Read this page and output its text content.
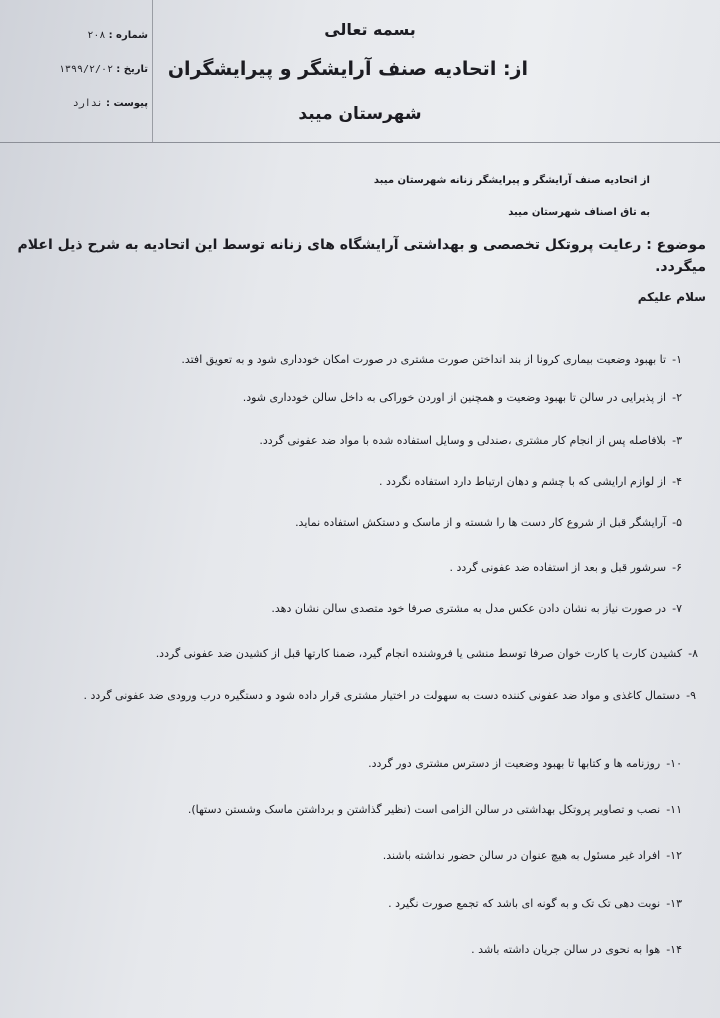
شماره : ۲۰۸
تاریخ : ۱۳۹۹/۲/۰۲
پیوست : ندارد
بسمه تعالی
از: اتحادیه صنف آرایشگر و پیرایشگران
شهرستان میبد
از اتحادیه صنف آرایشگر و پیرایشگر زنانه شهرستان میبد
به تاق اصناف شهرستان میبد
موضوع : رعایت پروتکل تخصصی و بهداشتی آرایشگاه های زنانه توسط این اتحادیه به شرح ذیل اعلام میگردد.
سلام علیکم
۱-تا بهبود وضعیت بیماری کرونا از بند انداختن صورت مشتری در صورت امکان خودداری شود و به تعویق افتد.
۲-از پذیرایی در سالن تا بهبود وضعیت و همچنین از اوردن خوراکی به داخل سالن خودداری شود.
۳-بلافاصله پس از انجام کار مشتری ،صندلی و وسایل استفاده شده با مواد ضد عفونی گردد.
۴-از لوازم ارایشی که با چشم و دهان ارتباط دارد استفاده نگردد .
۵-آرایشگر قبل از شروع کار دست ها را شسته و از ماسک و دستکش استفاده نماید.
۶-سرشور قبل و بعد از استفاده ضد عفونی گردد .
۷-در صورت نیاز به نشان دادن عکس مدل به مشتری صرفا خود متصدی سالن نشان دهد.
۸-کشیدن کارت یا کارت خوان صرفا توسط منشی یا فروشنده انجام گیرد، ضمنا کارتها قبل از کشیدن ضد عفونی گردد.
۹-دستمال کاغذی و مواد ضد عفونی کننده دست به سهولت در اختیار مشتری قرار داده شود و دستگیره درب ورودی ضد عفونی گردد .
۱۰-روزنامه ها و کتابها تا بهبود وضعیت از دسترس مشتری دور گردد.
۱۱-نصب و تصاویر پروتکل بهداشتی در سالن الزامی است (نظیر گذاشتن و برداشتن ماسک وشستن دستها).
۱۲-افراد غیر مسئول به هیچ عنوان در سالن حضور نداشته باشند.
۱۳-نوبت دهی تک تک و به گونه ای باشد که تجمع صورت نگیرد .
۱۴-هوا به نحوی در سالن جریان داشته باشد .
